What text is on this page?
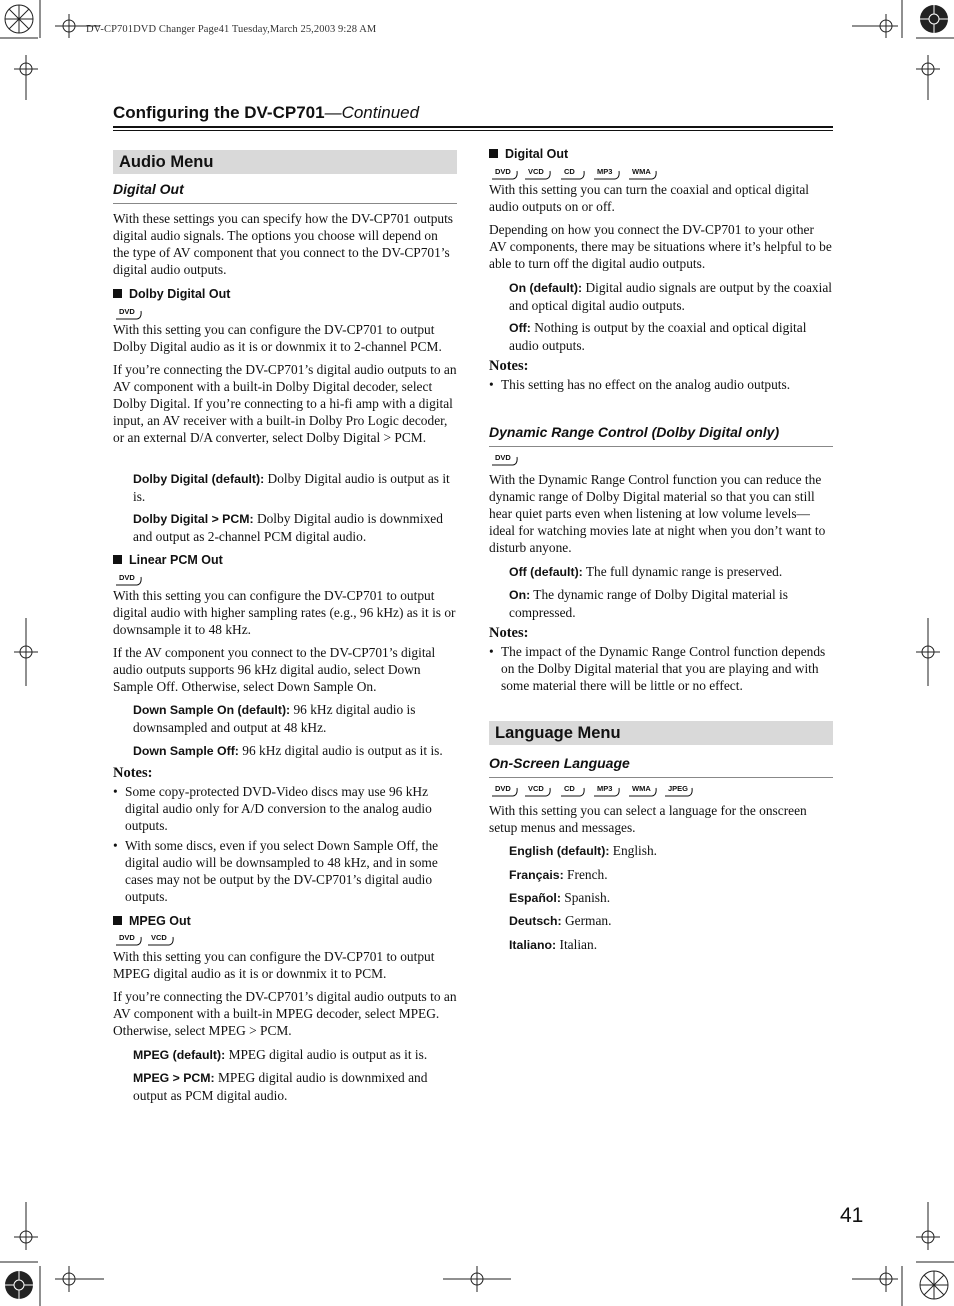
DV-CP701DVD Changer Page41 Tuesday,March 25,2003 9:28 AM
Configuring the DV-CP701—Continued
Audio Menu
Digital Out
With these settings you can specify how the DV-CP701 outputs digital audio signals. The options you choose will depend on the type of AV component that you connect to the DV-CP701’s digital audio outputs.
Dolby Digital Out
DVD
With this setting you can configure the DV-CP701 to output Dolby Digital audio as it is or downmix it to 2-channel PCM.
If you’re connecting the DV-CP701’s digital audio outputs to an AV component with a built-in Dolby Digital decoder, select Dolby Digital. If you’re connecting to a hi-fi amp with a digital input, an AV receiver with a built-in Dolby Pro Logic decoder, or an external D/A converter, select Dolby Digital > PCM.
Dolby Digital (default): Dolby Digital audio is output as it is.
Dolby Digital > PCM: Dolby Digital audio is downmixed and output as 2-channel PCM digital audio.
Linear PCM Out
DVD
With this setting you can configure the DV-CP701 to output digital audio with higher sampling rates (e.g., 96 kHz) as it is or downsample it to 48 kHz.
If the AV component you connect to the DV-CP701’s digital audio outputs supports 96 kHz digital audio, select Down Sample Off. Otherwise, select Down Sample On.
Down Sample On (default): 96 kHz digital audio is downsampled and output at 48 kHz.
Down Sample Off: 96 kHz digital audio is output as it is.
Notes:
• Some copy-protected DVD-Video discs may use 96 kHz digital audio only for A/D conversion to the analog audio outputs.
• With some discs, even if you select Down Sample Off, the digital audio will be downsampled to 48 kHz, and in some cases may not be output by the DV-CP701’s digital audio outputs.
MPEG Out
DVD VCD
With this setting you can configure the DV-CP701 to output MPEG digital audio as it is or downmix it to PCM.
If you’re connecting the DV-CP701’s digital audio outputs to an AV component with a built-in MPEG decoder, select MPEG. Otherwise, select MPEG > PCM.
MPEG (default): MPEG digital audio is output as it is.
MPEG > PCM: MPEG digital audio is downmixed and output as PCM digital audio.
Digital Out
DVD VCD	CD	MP3	WMA
With this setting you can turn the coaxial and optical digital audio outputs on or off.
Depending on how you connect the DV-CP701 to your other AV components, there may be situations where it’s helpful to be able to turn off the digital audio outputs.
On (default): Digital audio signals are output by the coaxial and optical digital audio outputs.
Off: Nothing is output by the coaxial and optical digital audio outputs.
Notes:
• This setting has no effect on the analog audio outputs.
Dynamic Range Control (Dolby Digital only)
DVD
With the Dynamic Range Control function you can reduce the dynamic range of Dolby Digital material so that you can still hear quiet parts even when listening at low volume levels—ideal for watching movies late at night when you don’t want to disturb anyone.
Off (default): The full dynamic range is preserved.
On: The dynamic range of Dolby Digital material is compressed.
Notes:
• The impact of the Dynamic Range Control function depends on the Dolby Digital material that you are playing and with some material there will be little or no effect.
Language Menu
On-Screen Language
DVD VCD	CD	MP3	WMA JPEG
With this setting you can select a language for the onscreen setup menus and messages.
English (default): English.
Français: French.
Español: Spanish.
Deutsch: German.
Italiano: Italian.
41
